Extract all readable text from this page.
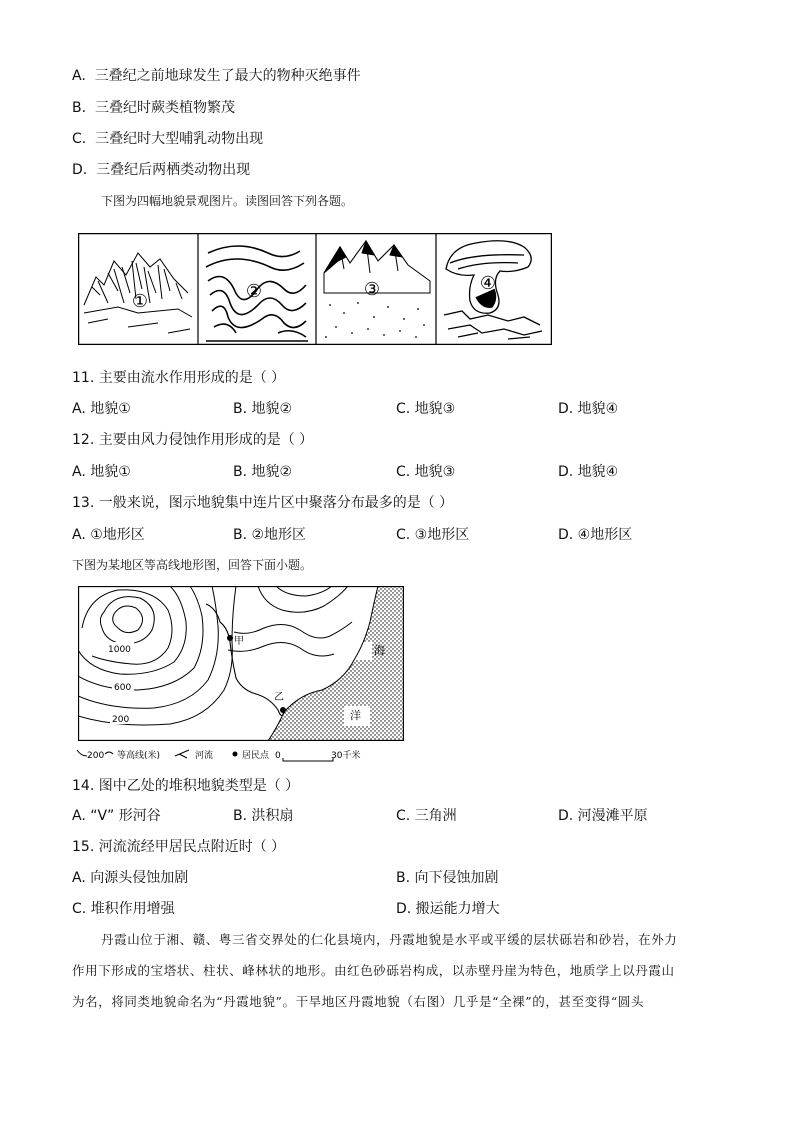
A. 三叠纪之前地球发生了最大的物种灭绝事件
B. 三叠纪时蕨类植物繁茂
C. 三叠纪时大型哺乳动物出现
D. 三叠纪后两栖类动物出现
下图为四幅地貌景观图片。读图回答下列各题。
①	②	③	④
11. 主要由流水作用形成的是（ ）
A. 地貌①	B. 地貌②	C. 地貌③	D. 地貌④
12. 主要由风力侵蚀作用形成的是（ ）
A. 地貌①	B. 地貌②	C. 地貌③	D. 地貌④
13. 一般来说，图示地貌集中连片区中聚落分布最多的是（ ）
A. ①地形区	B. ②地形区	C. ③地形区	D. ④地形区
下图为某地区等高线地形图，回答下面小题。
甲
乙
海
洋
1000
600
200
200 等高线(米)	河流	居民点 0	30千米
14. 图中乙处的堆积地貌类型是（ ）
A. “V” 形河谷	B. 洪积扇	C. 三角洲	D. 河漫滩平原
15. 河流流经甲居民点附近时（ ）
A. 向源头侵蚀加剧	B. 向下侵蚀加剧
C. 堆积作用增强	D. 搬运能力增大
丹霞山位于湘、赣、粤三省交界处的仁化县境内，丹霞地貌是水平或平缓的层状砾岩和砂岩，在外力
作用下形成的宝塔状、柱状、峰林状的地形。由红色砂砾岩构成，以赤壁丹崖为特色，地质学上以丹霞山
为名，将同类地貌命名为“丹霞地貌”。干旱地区丹霞地貌（右图）几乎是“全裸”的，甚至变得“圆头
